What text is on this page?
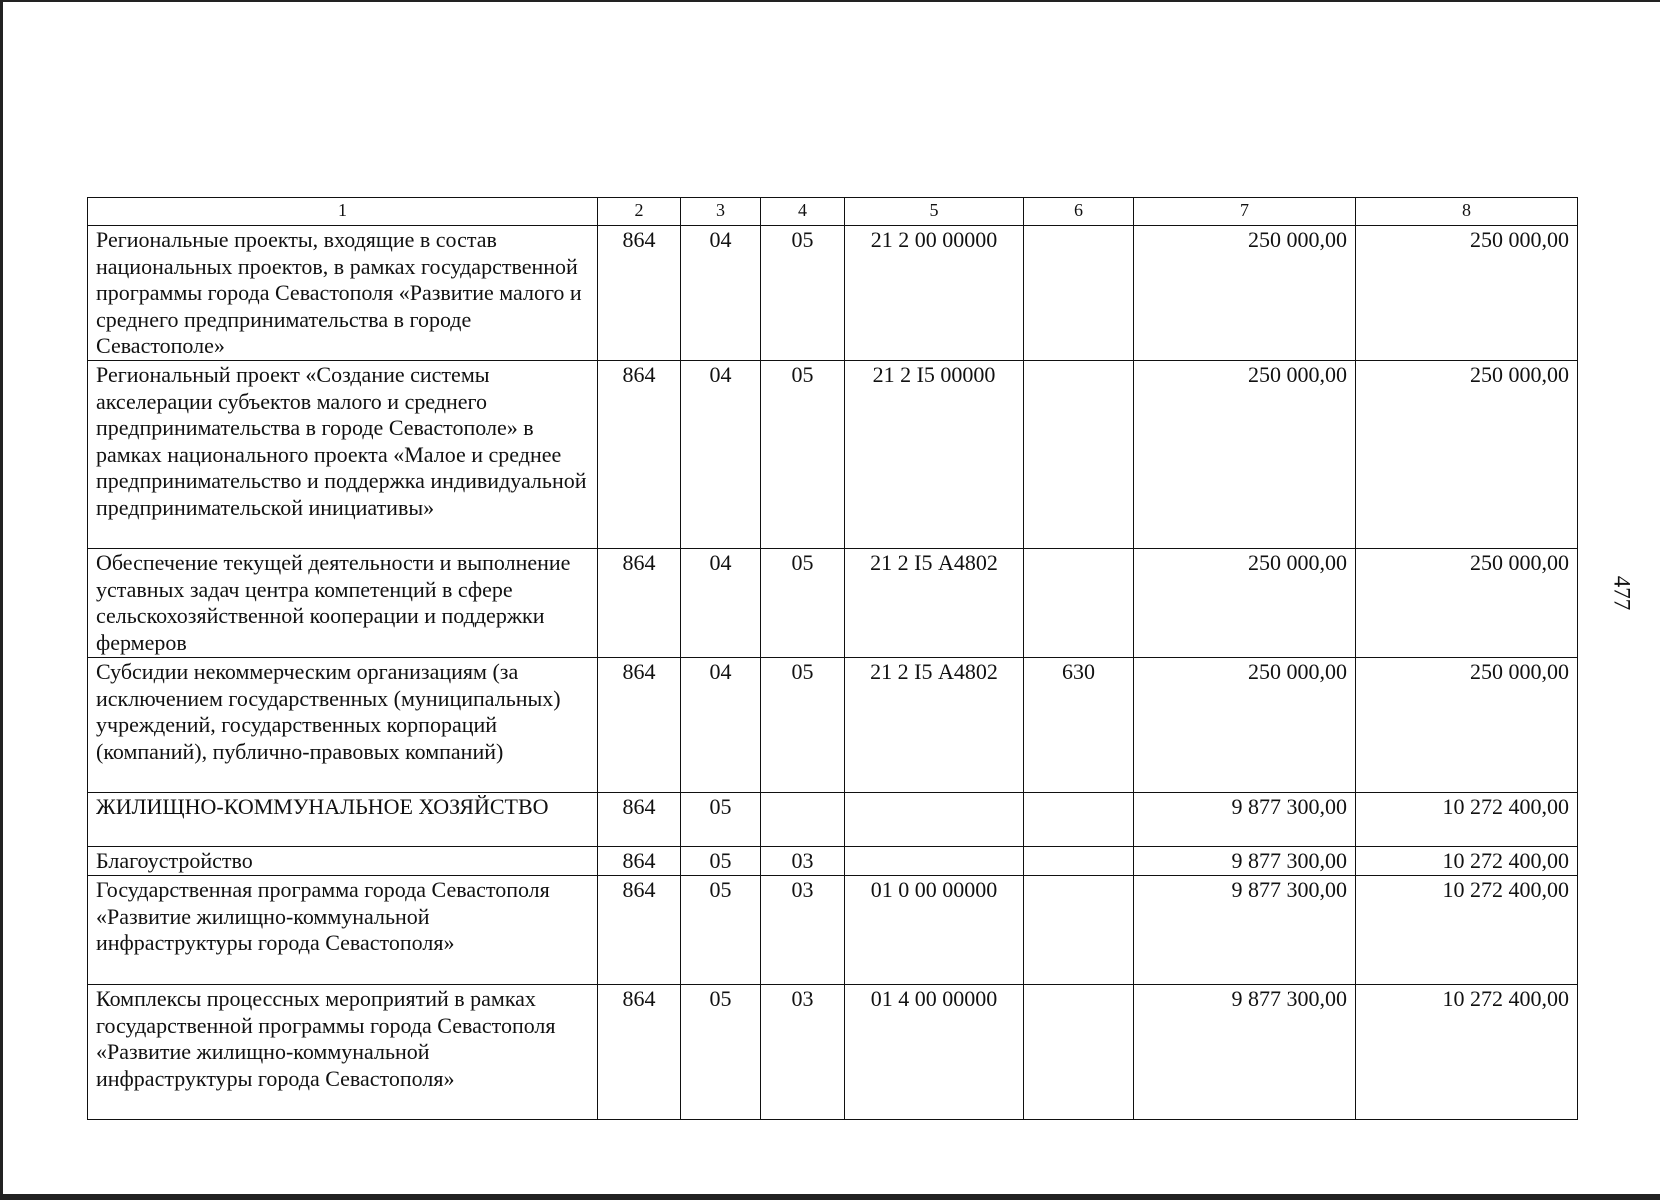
477
1	2	3	4	5	6	7	8
Региональные проекты, входящие в состав национальных проектов, в рамках государственной программы города Севастополя «Развитие малого и среднего предпринимательства в городе Севастополе»	864	04	05	21 2 00 00000		250 000,00	250 000,00
Региональный проект «Создание системы акселерации субъектов малого и среднего предпринимательства в городе Севастополе» в рамках национального проекта «Малое и среднее предпринимательство и поддержка индивидуальной предпринимательской инициативы»	864	04	05	21 2 I5 00000		250 000,00	250 000,00
Обеспечение текущей деятельности и выполнение уставных задач центра компетенций в сфере сельскохозяйственной кооперации и поддержки фермеров	864	04	05	21 2 I5 А4802		250 000,00	250 000,00
Субсидии некоммерческим организациям (за исключением государственных (муниципальных) учреждений, государственных корпораций (компаний), публично-правовых компаний)	864	04	05	21 2 I5 А4802	630	250 000,00	250 000,00
ЖИЛИЩНО-КОММУНАЛЬНОЕ ХОЗЯЙСТВО	864	05				9 877 300,00	10 272 400,00
Благоустройство	864	05	03			9 877 300,00	10 272 400,00
Государственная программа города Севастополя «Развитие жилищно-коммунальной инфраструктуры города Севастополя»	864	05	03	01 0 00 00000		9 877 300,00	10 272 400,00
Комплексы процессных мероприятий в рамках государственной программы города Севастополя «Развитие жилищно-коммунальной инфраструктуры города Севастополя»	864	05	03	01 4 00 00000		9 877 300,00	10 272 400,00
